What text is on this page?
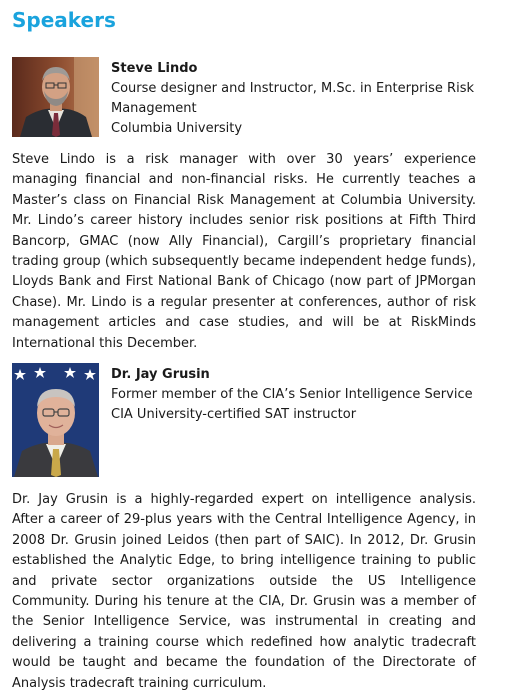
Speakers
Steve Lindo
Course designer and Instructor, M.Sc. in Enterprise Risk Management
Columbia University

Steve Lindo is a risk manager with over 30 years’ experience managing financial and non-financial risks. He currently teaches a Master’s class on Financial Risk Management at Columbia University. Mr. Lindo’s career history includes senior risk positions at Fifth Third Bancorp, GMAC (now Ally Financial), Cargill’s proprietary financial trading group (which subsequently became independent hedge funds), Lloyds Bank and First National Bank of Chicago (now part of JPMorgan Chase). Mr. Lindo is a regular presenter at conferences, author of risk management articles and case studies, and will be at RiskMinds International this December.

Dr. Jay Grusin
Former member of the CIA’s Senior Intelligence Service
CIA University-certified SAT instructor

Dr. Jay Grusin is a highly-regarded expert on intelligence analysis. After a career of 29-plus years with the Central Intelligence Agency, in 2008 Dr. Grusin joined Leidos (then part of SAIC). In 2012, Dr. Grusin established the Analytic Edge, to bring intelligence training to public and private sector organizations outside the US Intelligence Community. During his tenure at the CIA, Dr. Grusin was a member of the Senior Intelligence Service, was instrumental in creating and delivering a training course which redefined how analytic tradecraft would be taught and became the foundation of the Directorate of Analysis tradecraft training curriculum.
